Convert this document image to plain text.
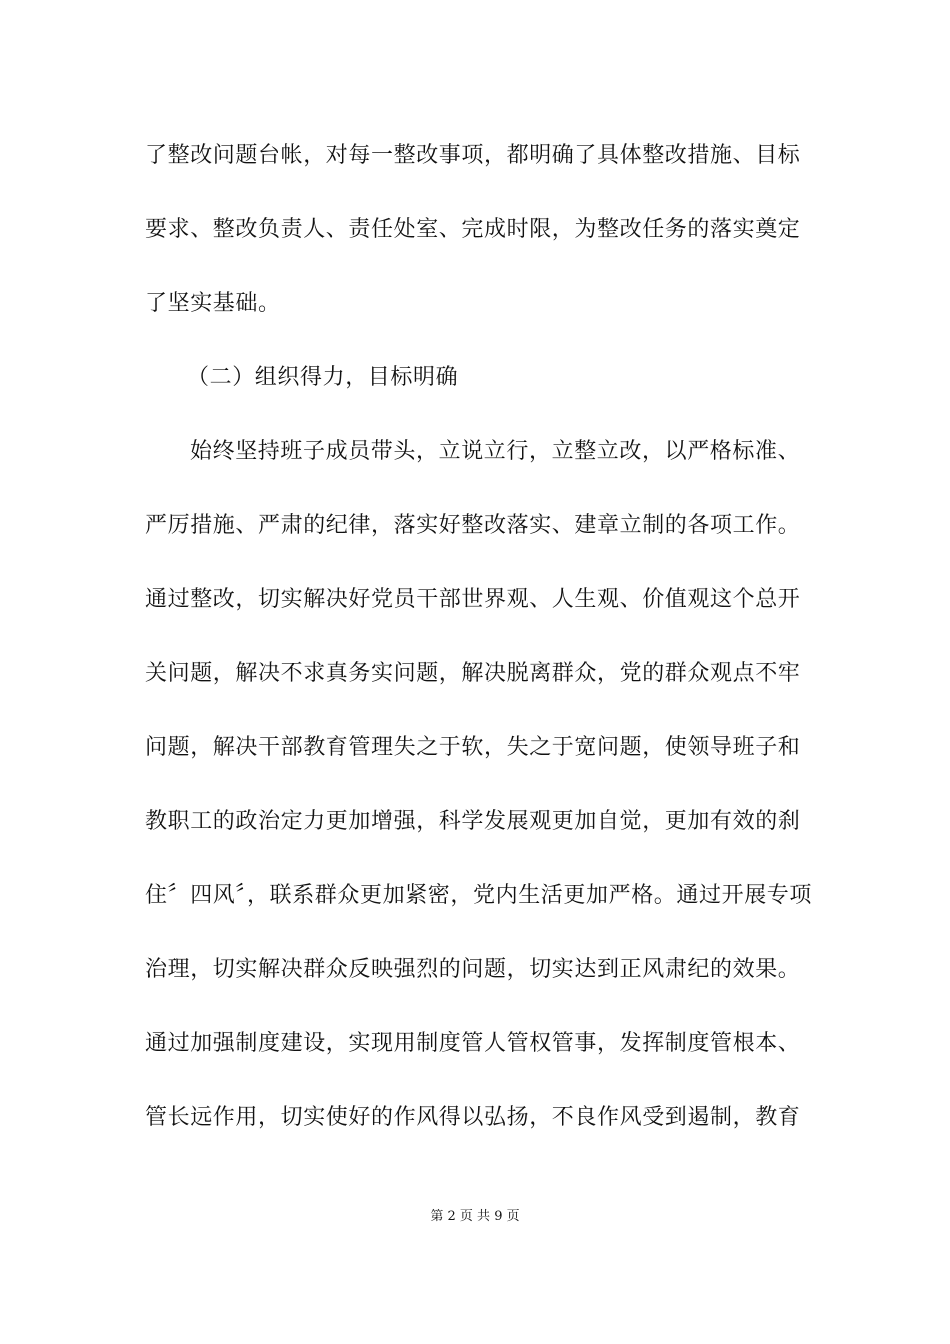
了整改问题台帐，对每一整改事项，都明确了具体整改措施、目标
要求、整改负责人、责任处室、完成时限，为整改任务的落实奠定
了坚实基础。
（二）组织得力，目标明确
始终坚持班子成员带头，立说立行，立整立改，以严格标准、
严厉措施、严肃的纪律，落实好整改落实、建章立制的各项工作。
通过整改，切实解决好党员干部世界观、人生观、价值观这个总开
关问题，解决不求真务实问题，解决脱离群众，党的群众观点不牢
问题，解决干部教育管理失之于软，失之于宽问题，使领导班子和
教职工的政治定力更加增强，科学发展观更加自觉，更加有效的刹
住〞四风〞，联系群众更加紧密，党内生活更加严格。通过开展专项
治理，切实解决群众反映强烈的问题，切实达到正风肃纪的效果。
通过加强制度建设，实现用制度管人管权管事，发挥制度管根本、
管长远作用，切实使好的作风得以弘扬，不良作风受到遏制，教育
第 2 页 共 9 页
